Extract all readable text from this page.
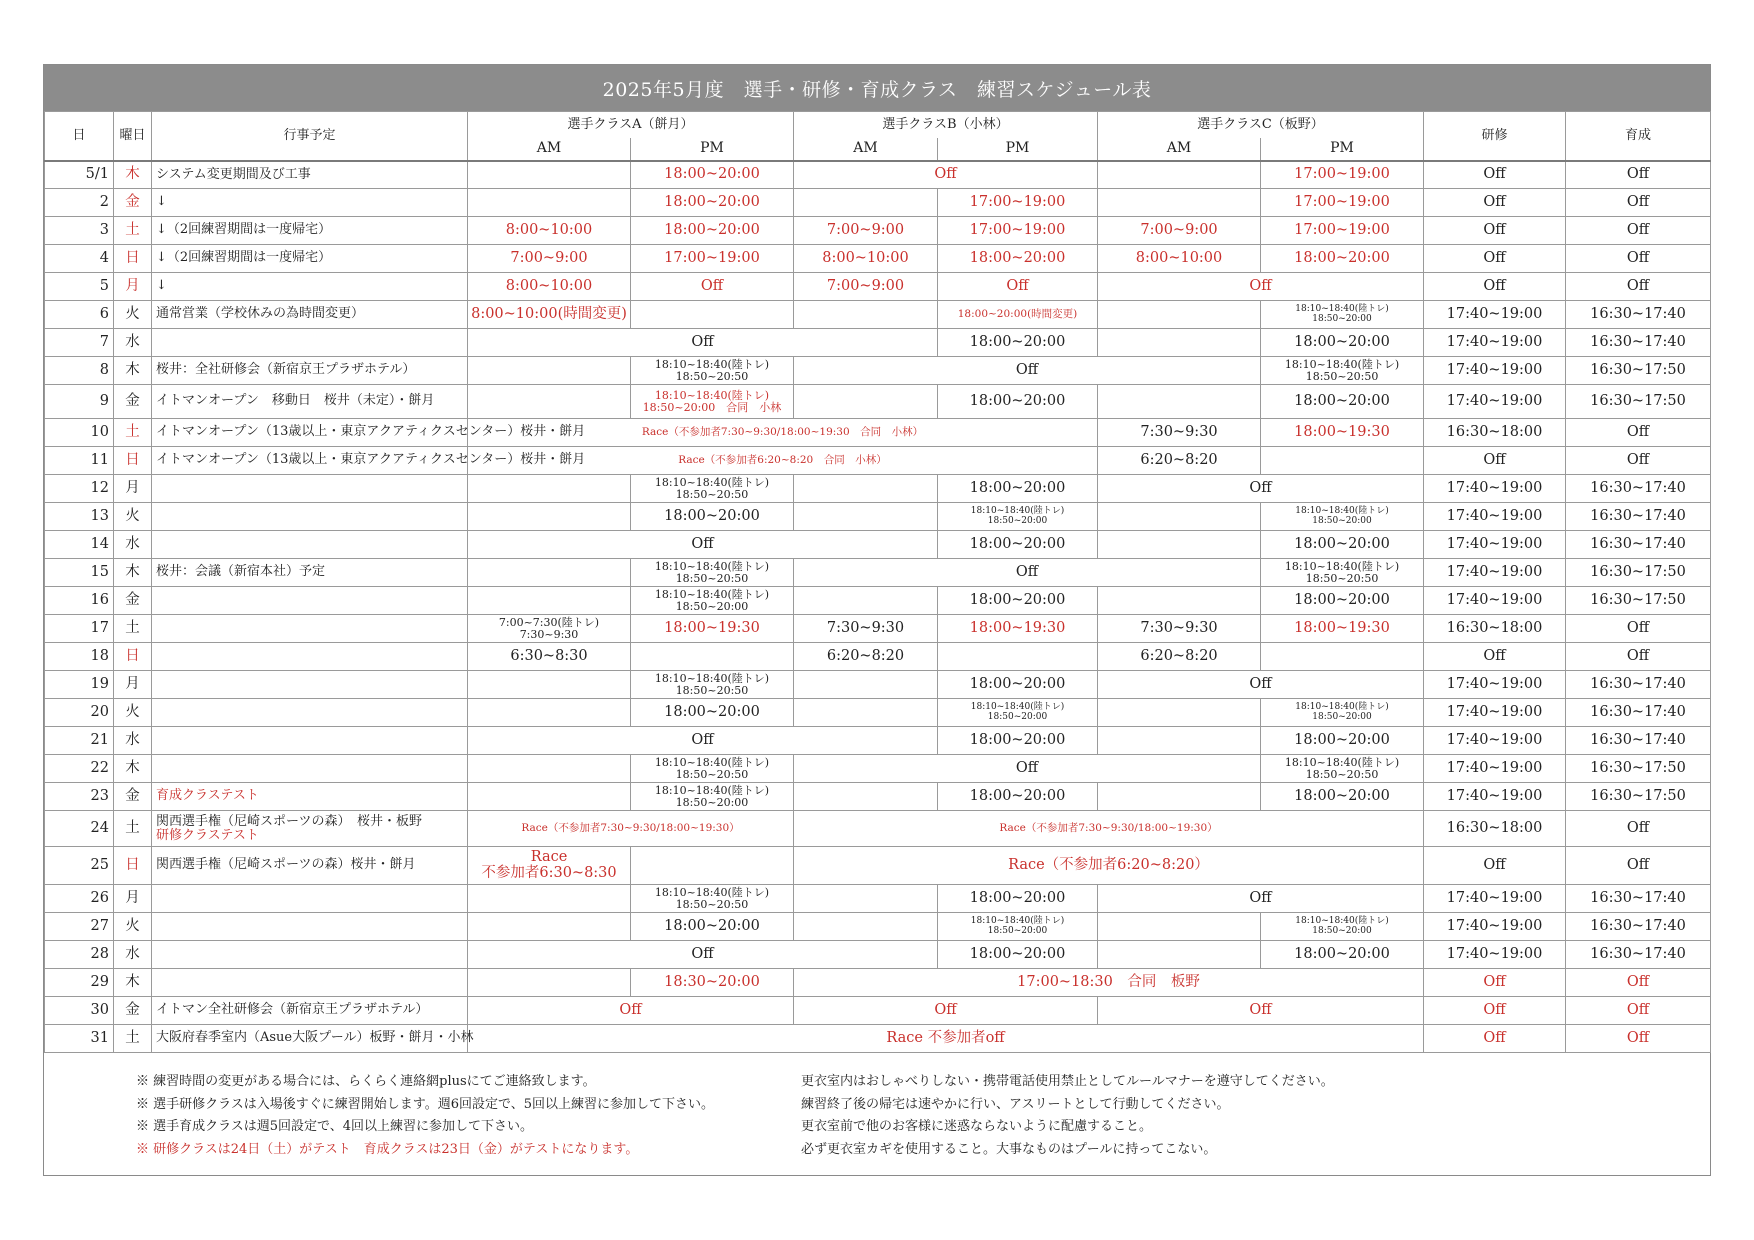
2025年5月度　選手・研修・育成クラス　練習スケジュール表
日	曜日	行事予定	選手クラスA（餅月）		選手クラスB（小林）		選手クラスC（板野）		研修	育成
			AM	PM	AM	PM	AM	PM		
5/1	木	システム変更期間及び工事		18:00~20:00	Off			17:00~19:00	Off	Off
2	金	↓		18:00~20:00		17:00~19:00		17:00~19:00	Off	Off
3	土	↓（2回練習期間は一度帰宅）	8:00~10:00	18:00~20:00	7:00~9:00	17:00~19:00	7:00~9:00	17:00~19:00	Off	Off
4	日	↓（2回練習期間は一度帰宅）	7:00~9:00	17:00~19:00	8:00~10:00	18:00~20:00	8:00~10:00	18:00~20:00	Off	Off
5	月	↓	8:00~10:00	Off	7:00~9:00	Off	Off		Off	Off
6	火	通常営業（学校休みの為時間変更）	8:00~10:00(時間変更)			18:00~20:00(時間変更)		18:10~18:40(陸トレ)
18:50~20:00	17:40~19:00	16:30~17:40
7	水		Off			18:00~20:00		18:00~20:00	17:40~19:00	16:30~17:40
8	木	桜井：全社研修会（新宿京王プラザホテル）		18:10~18:40(陸トレ)
18:50~20:50	Off			18:10~18:40(陸トレ)
18:50~20:50	17:40~19:00	16:30~17:50
9	金	イトマンオープン　移動日　桜井（未定）・餅月		18:10~18:40(陸トレ)
18:50~20:00　合同　小林		18:00~20:00		18:00~20:00	17:40~19:00	16:30~17:50
10	土	イトマンオープン（13歳以上・東京アクアティクスセンター）桜井・餅月	Race（不参加者7:30~9:30/18:00~19:30　合同　小林）				7:30~9:30	18:00~19:30	16:30~18:00	Off
11	日	イトマンオープン（13歳以上・東京アクアティクスセンター）桜井・餅月	Race（不参加者6:20~8:20　合同　小林）				6:20~8:20		Off	Off
12	月			18:10~18:40(陸トレ)
18:50~20:50		18:00~20:00	Off		17:40~19:00	16:30~17:40
13	火			18:00~20:00		18:10~18:40(陸トレ)
18:50~20:00		18:10~18:40(陸トレ)
18:50~20:00	17:40~19:00	16:30~17:40
14	水		Off			18:00~20:00		18:00~20:00	17:40~19:00	16:30~17:40
15	木	桜井：会議（新宿本社）予定		18:10~18:40(陸トレ)
18:50~20:50	Off			18:10~18:40(陸トレ)
18:50~20:50	17:40~19:00	16:30~17:50
16	金			18:10~18:40(陸トレ)
18:50~20:00		18:00~20:00		18:00~20:00	17:40~19:00	16:30~17:50
17	土		7:00~7:30(陸トレ)
7:30~9:30	18:00~19:30	7:30~9:30	18:00~19:30	7:30~9:30	18:00~19:30	16:30~18:00	Off
18	日		6:30~8:30		6:20~8:20		6:20~8:20		Off	Off
19	月			18:10~18:40(陸トレ)
18:50~20:50		18:00~20:00	Off		17:40~19:00	16:30~17:40
20	火			18:00~20:00		18:10~18:40(陸トレ)
18:50~20:00		18:10~18:40(陸トレ)
18:50~20:00	17:40~19:00	16:30~17:40
21	水		Off			18:00~20:00		18:00~20:00	17:40~19:00	16:30~17:40
22	木			18:10~18:40(陸トレ)
18:50~20:50	Off			18:10~18:40(陸トレ)
18:50~20:50	17:40~19:00	16:30~17:50
23	金	育成クラステスト		18:10~18:40(陸トレ)
18:50~20:00		18:00~20:00		18:00~20:00	17:40~19:00	16:30~17:50
24	土	関西選手権（尼崎スポーツの森）　桜井・板野
研修クラステスト	Race（不参加者7:30~9:30/18:00~19:30）		Race（不参加者7:30~9:30/18:00~19:30）				16:30~18:00	Off
25	日	関西選手権（尼崎スポーツの森）桜井・餅月	Race
不参加者6:30~8:30		Race（不参加者6:20~8:20）				Off	Off
26	月			18:10~18:40(陸トレ)
18:50~20:50		18:00~20:00	Off		17:40~19:00	16:30~17:40
27	火			18:00~20:00		18:10~18:40(陸トレ)
18:50~20:00		18:10~18:40(陸トレ)
18:50~20:00	17:40~19:00	16:30~17:40
28	水		Off			18:00~20:00		18:00~20:00	17:40~19:00	16:30~17:40
29	木			18:30~20:00	17:00~18:30　合同　板野				Off	Off
30	金	イトマン全社研修会（新宿京王プラザホテル）	Off		Off		Off		Off	Off
31	土	大阪府春季室内（Asue大阪プール）板野・餅月・小林	Race 不参加者off						Off	Off
※ 練習時間の変更がある場合には、らくらく連絡網plusにてご連絡致します。
※ 選手研修クラスは入場後すぐに練習開始します。週6回設定で、5回以上練習に参加して下さい。
※ 選手育成クラスは週5回設定で、4回以上練習に参加して下さい。
※ 研修クラスは24日（土）がテスト　育成クラスは23日（金）がテストになります。
更衣室内はおしゃべりしない・携帯電話使用禁止としてルールマナーを遵守してください。
練習終了後の帰宅は速やかに行い、アスリートとして行動してください。
更衣室前で他のお客様に迷惑ならないように配慮すること。
必ず更衣室カギを使用すること。大事なものはプールに持ってこない。
